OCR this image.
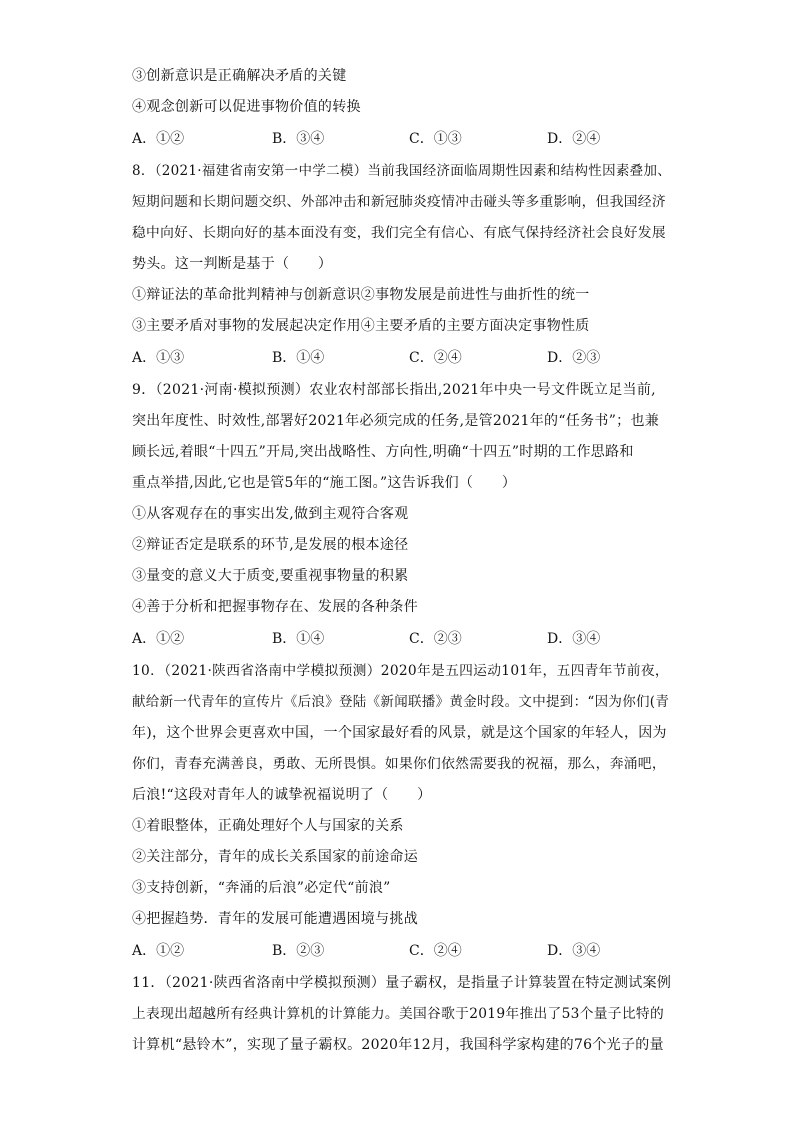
③创新意识是正确解决矛盾的关键
④观念创新可以促进事物价值的转换
A．①②	B．③④	C．①③	D．②④
8．（2021·福建省南安第一中学二模）当前我国经济面临周期性因素和结构性因素叠加、
短期问题和长期问题交织、外部冲击和新冠肺炎疫情冲击碰头等多重影响，但我国经济
稳中向好、长期向好的基本面没有变，我们完全有信心、有底气保持经济社会良好发展
势头。这一判断是基于（　　）
①辩证法的革命批判精神与创新意识②事物发展是前进性与曲折性的统一
③主要矛盾对事物的发展起决定作用④主要矛盾的主要方面决定事物性质
A．①③	B．①④	C．②④	D．②③
9．（2021·河南·模拟预测）农业农村部部长指出,2021年中央一号文件既立足当前,
突出年度性、时效性,部署好2021年必须完成的任务,是管2021年的“任务书”；也兼
顾长远,着眼“十四五”开局,突出战略性、方向性,明确“十四五”时期的工作思路和
重点举措,因此,它也是管5年的“施工图。”这告诉我们（　　）
①从客观存在的事实出发,做到主观符合客观
②辩证否定是联系的环节,是发展的根本途径
③量变的意义大于质变,要重视事物量的积累
④善于分析和把握事物存在、发展的各种条件
A．①②	B．①④	C．②③	D．③④
10．（2021·陕西省洛南中学模拟预测）2020年是五四运动101年，五四青年节前夜，
献给新一代青年的宣传片《后浪》登陆《新闻联播》黄金时段。文中提到：“因为你们(青
年)，这个世界会更喜欢中国，一个国家最好看的风景，就是这个国家的年轻人，因为
你们，青春充满善良，勇敢、无所畏惧。如果你们依然需要我的祝福，那么，奔涌吧，
后浪!“这段对青年人的诚挚祝福说明了（　　）
①着眼整体，正确处理好个人与国家的关系
②关注部分，青年的成长关系国家的前途命运
③支持创新，“奔涌的后浪”必定代“前浪”
④把握趋势．青年的发展可能遭遇困境与挑战
A．①②	B．②③	C．②④	D．③④
11．（2021·陕西省洛南中学模拟预测）量子霸权，是指量子计算装置在特定测试案例
上表现出超越所有经典计算机的计算能力。美国谷歌于2019年推出了53个量子比特的
计算机“悬铃木”，实现了量子霸权。2020年12月，我国科学家构建的76个光子的量
